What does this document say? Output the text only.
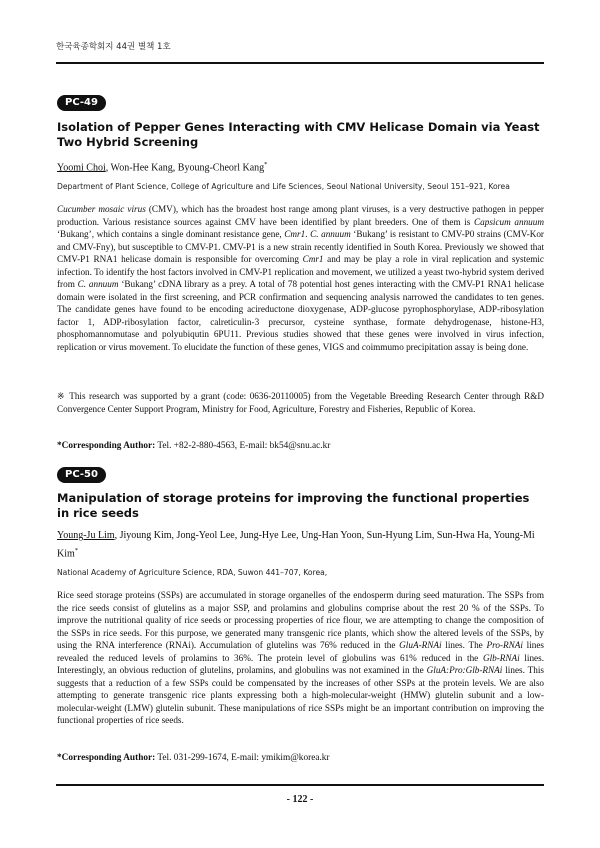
한국육종학회지 44권 별책 1호
PC-49
Isolation of Pepper Genes Interacting with CMV Helicase Domain via Yeast Two Hybrid Screening
Yoomi Choi, Won-Hee Kang, Byoung-Cheorl Kang*
Department of Plant Science, College of Agriculture and Life Sciences, Seoul National University, Seoul 151–921, Korea
Cucumber mosaic virus (CMV), which has the broadest host range among plant viruses, is a very destructive pathogen in pepper production. Various resistance sources against CMV have been identified by plant breeders. One of them is Capsicum annuum ‘Bukang’, which contains a single dominant resistance gene, Cmr1. C. annuum ‘Bukang’ is resistant to CMV-P0 strains (CMV-Kor and CMV-Fny), but susceptible to CMV-P1. CMV-P1 is a new strain recently identified in South Korea. Previously we showed that CMV-P1 RNA1 helicase domain is responsible for overcoming Cmr1 and may be play a role in viral replication and systemic infection. To identify the host factors involved in CMV-P1 replication and movement, we utilized a yeast two-hybrid system derived from C. annuum ‘Bukang’ cDNA library as a prey. A total of 78 potential host genes interacting with the CMV-P1 RNA1 helicase domain were isolated in the first screening, and PCR confirmation and sequencing analysis narrowed the candidates to ten genes. The candidate genes have found to be encoding acireductone dioxygenase, ADP-glucose pyrophosphorylase, ADP-ribosylation factor 1, ADP-ribosylation factor, calreticulin-3 precursor, cysteine synthase, formate dehydrogenase, histone-H3, phosphomannomutase and polyubiqutin 6PU11. Previous studies showed that these genes were involved in virus infection, replication or virus movement. To elucidate the function of these genes, VIGS and coimmumo precipitation assay is being done.
※ This research was supported by a grant (code: 0636-20110005) from the Vegetable Breeding Research Center through R&D Convergence Center Support Program, Ministry for Food, Agriculture, Forestry and Fisheries, Republic of Korea.
*Corresponding Author: Tel. +82-2-880-4563, E-mail: bk54@snu.ac.kr
PC-50
Manipulation of storage proteins for improving the functional properties in rice seeds
Young-Ju Lim, Jiyoung Kim, Jong-Yeol Lee, Jung-Hye Lee, Ung-Han Yoon, Sun-Hyung Lim, Sun-Hwa Ha, Young-Mi Kim*
National Academy of Agriculture Science, RDA, Suwon 441–707, Korea,
Rice seed storage proteins (SSPs) are accumulated in storage organelles of the endosperm during seed maturation. The SSPs from the rice seeds consist of glutelins as a major SSP, and prolamins and globulins comprise about the rest 20 % of the SSPs. To improve the nutritional quality of rice seeds or processing properties of rice flour, we are attempting to change the composition of the SSPs in rice seeds. For this purpose, we generated many transgenic rice plants, which show the altered levels of the SSPs, by using the RNA interference (RNAi). Accumulation of glutelins was 76% reduced in the GluA-RNAi lines. The Pro-RNAi lines revealed the reduced levels of prolamins to 36%. The protein level of globulins was 61% reduced in the Glb-RNAi lines. Interestingly, an obvious reduction of glutelins, prolamins, and globulins was not examined in the GluA:Pro:Glb-RNAi lines. This suggests that a reduction of a few SSPs could be compensated by the increases of other SSPs at the protein levels. We are also attempting to generate transgenic rice plants expressing both a high-molecular-weight (HMW) glutelin subunit and a low-molecular-weight (LMW) glutelin subunit. These manipulations of rice SSPs might be an important contribution on improving the functional properties of rice seeds.
*Corresponding Author: Tel. 031-299-1674, E-mail: ymikim@korea.kr
- 122 -
